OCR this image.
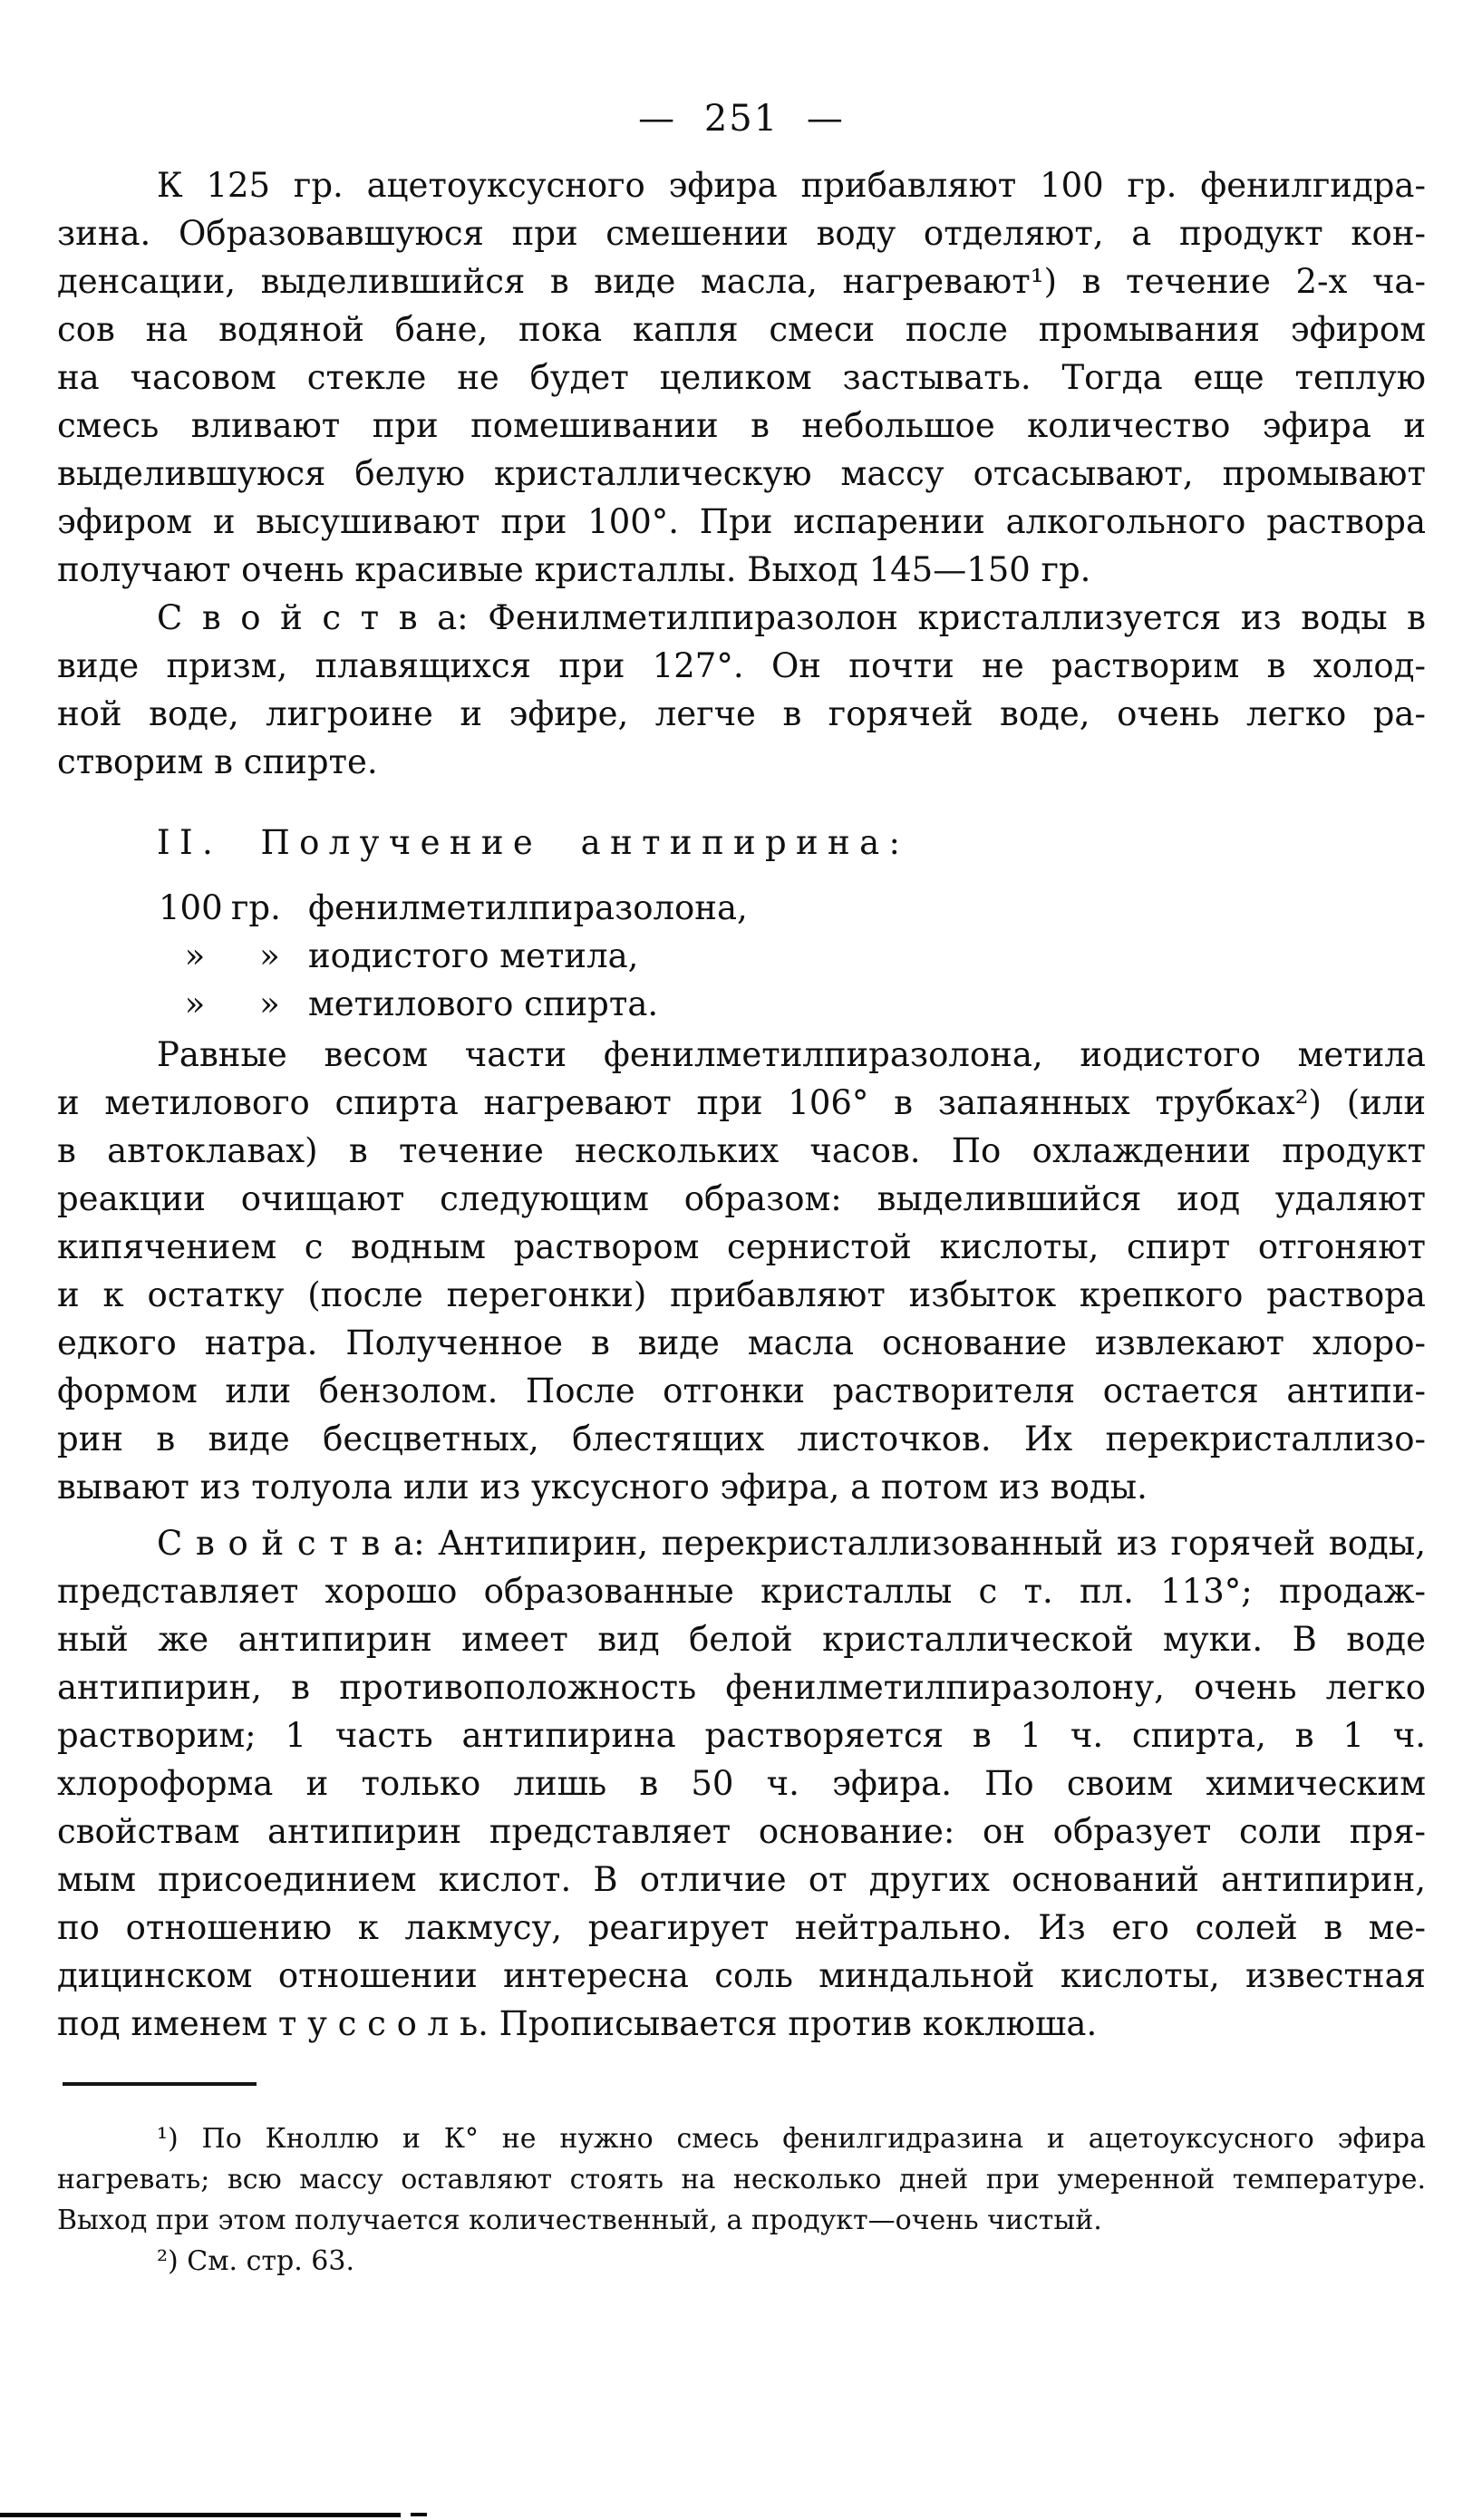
— 251 —
К 125 гр. ацетоуксусного эфира прибавляют 100 гр. фенилгидра-
зина. Образовавшуюся при смешении воду отделяют, а продукт кон-
денсации, выделившийся в виде масла, нагревают¹) в течение 2-х ча-
сов на водяной бане, пока капля смеси после промывания эфиром
на часовом стекле не будет целиком застывать. Тогда еще теплую
смесь вливают при помешивании в небольшое количество эфира и
выделившуюся белую кристаллическую массу отсасывают, промывают
эфиром и высушивают при 100°. При испарении алкогольного раствора
получают очень красивые кристаллы. Выход 145—150 гр.
С в о й с т в а: Фенилметилпиразолон кристаллизуется из воды в
виде призм, плавящихся при 127°. Он почти не растворим в холод-
ной воде, лигроине и эфире, легче в горячей воде, очень легко ра-
створим в спирте.
II. Получение антипирина:
100 гр. фенилметилпиразолона,
»	» иодистого метила,
»	» метилового спирта.
Равные весом части фенилметилпиразолона, иодистого метила
и метилового спирта нагревают при 106° в запаянных трубках²) (или
в автоклавах) в течение нескольких часов. По охлаждении продукт
реакции очищают следующим образом: выделившийся иод удаляют
кипячением с водным раствором сернистой кислоты, спирт отгоняют
и к остатку (после перегонки) прибавляют избыток крепкого раствора
едкого натра. Полученное в виде масла основание извлекают хлоро-
формом или бензолом. После отгонки растворителя остается антипи-
рин в виде бесцветных, блестящих листочков. Их перекристаллизо-
вывают из толуола или из уксусного эфира, а потом из воды.
С в о й с т в а: Антипирин, перекристаллизованный из горячей воды,
представляет хорошо образованные кристаллы с т. пл. 113°; продаж-
ный же антипирин имеет вид белой кристаллической муки. В воде
антипирин, в противоположность фенилметилпиразолону, очень легко
растворим; 1 часть антипирина растворяется в 1 ч. спирта, в 1 ч.
хлороформа и только лишь в 50 ч. эфира. По своим химическим
свойствам антипирин представляет основание: он образует соли пря-
мым присоединием кислот. В отличие от других оснований антипирин,
по отношению к лакмусу, реагирует нейтрально. Из его солей в ме-
дицинском отношении интересна соль миндальной кислоты, известная
под именем т у с с о л ь. Прописывается против коклюша.
¹) По Кноллю и К° не нужно смесь фенилгидразина и ацетоуксусного эфира
нагревать; всю массу оставляют стоять на несколько дней при умеренной температуре.
Выход при этом получается количественный, а продукт—очень чистый.
²) См. стр. 63.
